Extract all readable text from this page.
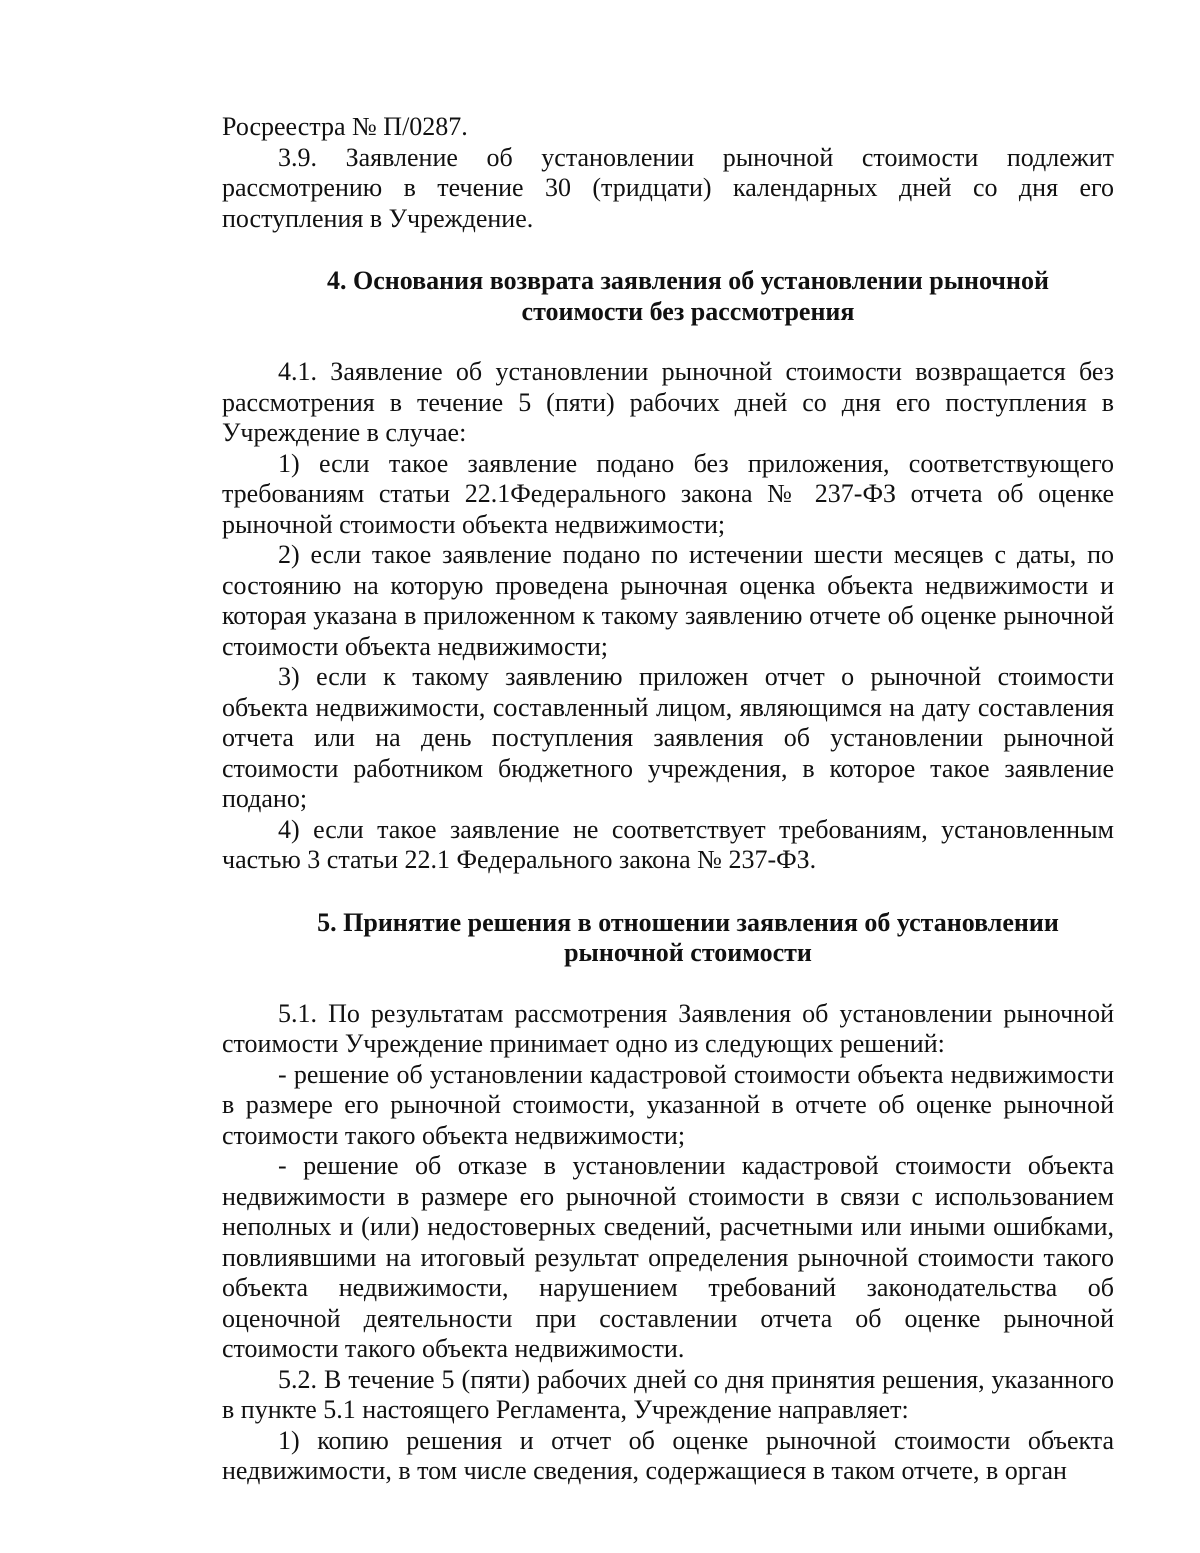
Росреестра № П/0287.

3.9. Заявление об установлении рыночной стоимости подлежит рассмотрению в течение 30 (тридцати) календарных дней со дня его поступления в Учреждение.

4. Основания возврата заявления об установлении рыночной
стоимости без рассмотрения

4.1. Заявление об установлении рыночной стоимости возвращается без рассмотрения в течение 5 (пяти) рабочих дней со дня его поступления в Учреждение в случае:

1) если такое заявление подано без приложения, соответствующего требованиям статьи 22.1Федерального закона № 237-ФЗ отчета об оценке рыночной стоимости объекта недвижимости;

2) если такое заявление подано по истечении шести месяцев с даты, по состоянию на которую проведена рыночная оценка объекта недвижимости и которая указана в приложенном к такому заявлению отчете об оценке рыночной стоимости объекта недвижимости;

3) если к такому заявлению приложен отчет о рыночной стоимости объекта недвижимости, составленный лицом, являющимся на дату составления отчета или на день поступления заявления об установлении рыночной стоимости работником бюджетного учреждения, в которое такое заявление подано;

4) если такое заявление не соответствует требованиям, установленным частью 3 статьи 22.1 Федерального закона № 237-ФЗ.

5. Принятие решения в отношении заявления об установлении
рыночной стоимости

5.1. По результатам рассмотрения Заявления об установлении рыночной стоимости Учреждение принимает одно из следующих решений:

- решение об установлении кадастровой стоимости объекта недвижимости в размере его рыночной стоимости, указанной в отчете об оценке рыночной стоимости такого объекта недвижимости;

- решение об отказе в установлении кадастровой стоимости объекта недвижимости в размере его рыночной стоимости в связи с использованием неполных и (или) недостоверных сведений, расчетными или иными ошибками, повлиявшими на итоговый результат определения рыночной стоимости такого объекта недвижимости, нарушением требований законодательства об оценочной деятельности при составлении отчета об оценке рыночной стоимости такого объекта недвижимости.

5.2. В течение 5 (пяти) рабочих дней со дня принятия решения, указанного в пункте 5.1 настоящего Регламента, Учреждение направляет:

1) копию решения и отчет об оценке рыночной стоимости объекта недвижимости, в том числе сведения, содержащиеся в таком отчете, в орган
